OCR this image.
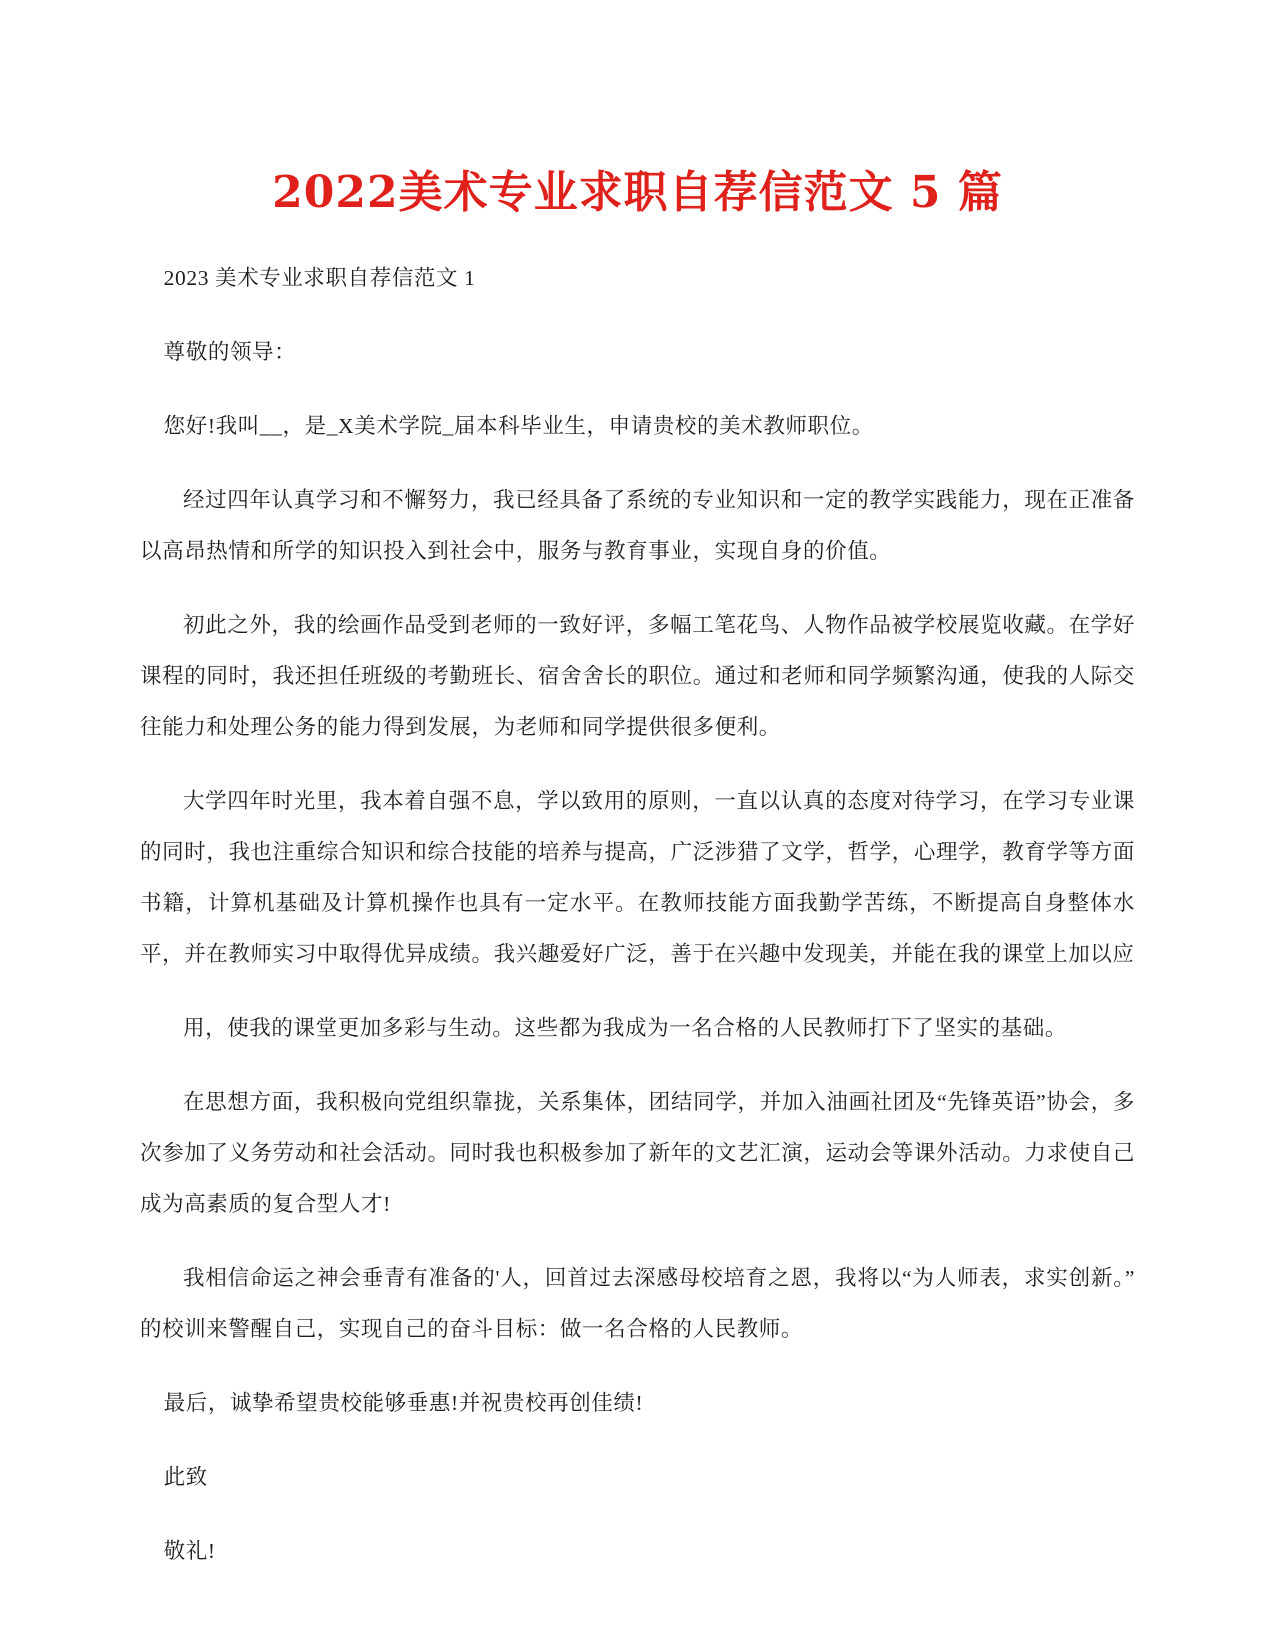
2022美术专业求职自荐信范文 5 篇

2023 美术专业求职自荐信范文 1

尊敬的领导：

您好!我叫__，是_X美术学院_届本科毕业生，申请贵校的美术教师职位。

经过四年认真学习和不懈努力，我已经具备了系统的专业知识和一定的教学实践能力，现在正准备以高昂热情和所学的知识投入到社会中，服务与教育事业，实现自身的价值。

初此之外，我的绘画作品受到老师的一致好评，多幅工笔花鸟、人物作品被学校展览收藏。在学好课程的同时，我还担任班级的考勤班长、宿舍舍长的职位。通过和老师和同学频繁沟通，使我的人际交往能力和处理公务的能力得到发展，为老师和同学提供很多便利。

大学四年时光里，我本着自强不息，学以致用的原则，一直以认真的态度对待学习，在学习专业课的同时，我也注重综合知识和综合技能的培养与提高，广泛涉猎了文学，哲学，心理学，教育学等方面书籍，计算机基础及计算机操作也具有一定水平。在教师技能方面我勤学苦练，不断提高自身整体水平，并在教师实习中取得优异成绩。我兴趣爱好广泛，善于在兴趣中发现美，并能在我的课堂上加以应

用，使我的课堂更加多彩与生动。这些都为我成为一名合格的人民教师打下了坚实的基础。

在思想方面，我积极向党组织靠拢，关系集体，团结同学，并加入油画社团及“先锋英语”协会，多次参加了义务劳动和社会活动。同时我也积极参加了新年的文艺汇演，运动会等课外活动。力求使自己成为高素质的复合型人才!

我相信命运之神会垂青有准备的'人，回首过去深感母校培育之恩，我将以“为人师表，求实创新。”的校训来警醒自己，实现自己的奋斗目标：做一名合格的人民教师。

最后，诚挚希望贵校能够垂惠!并祝贵校再创佳绩!

此致

敬礼!
